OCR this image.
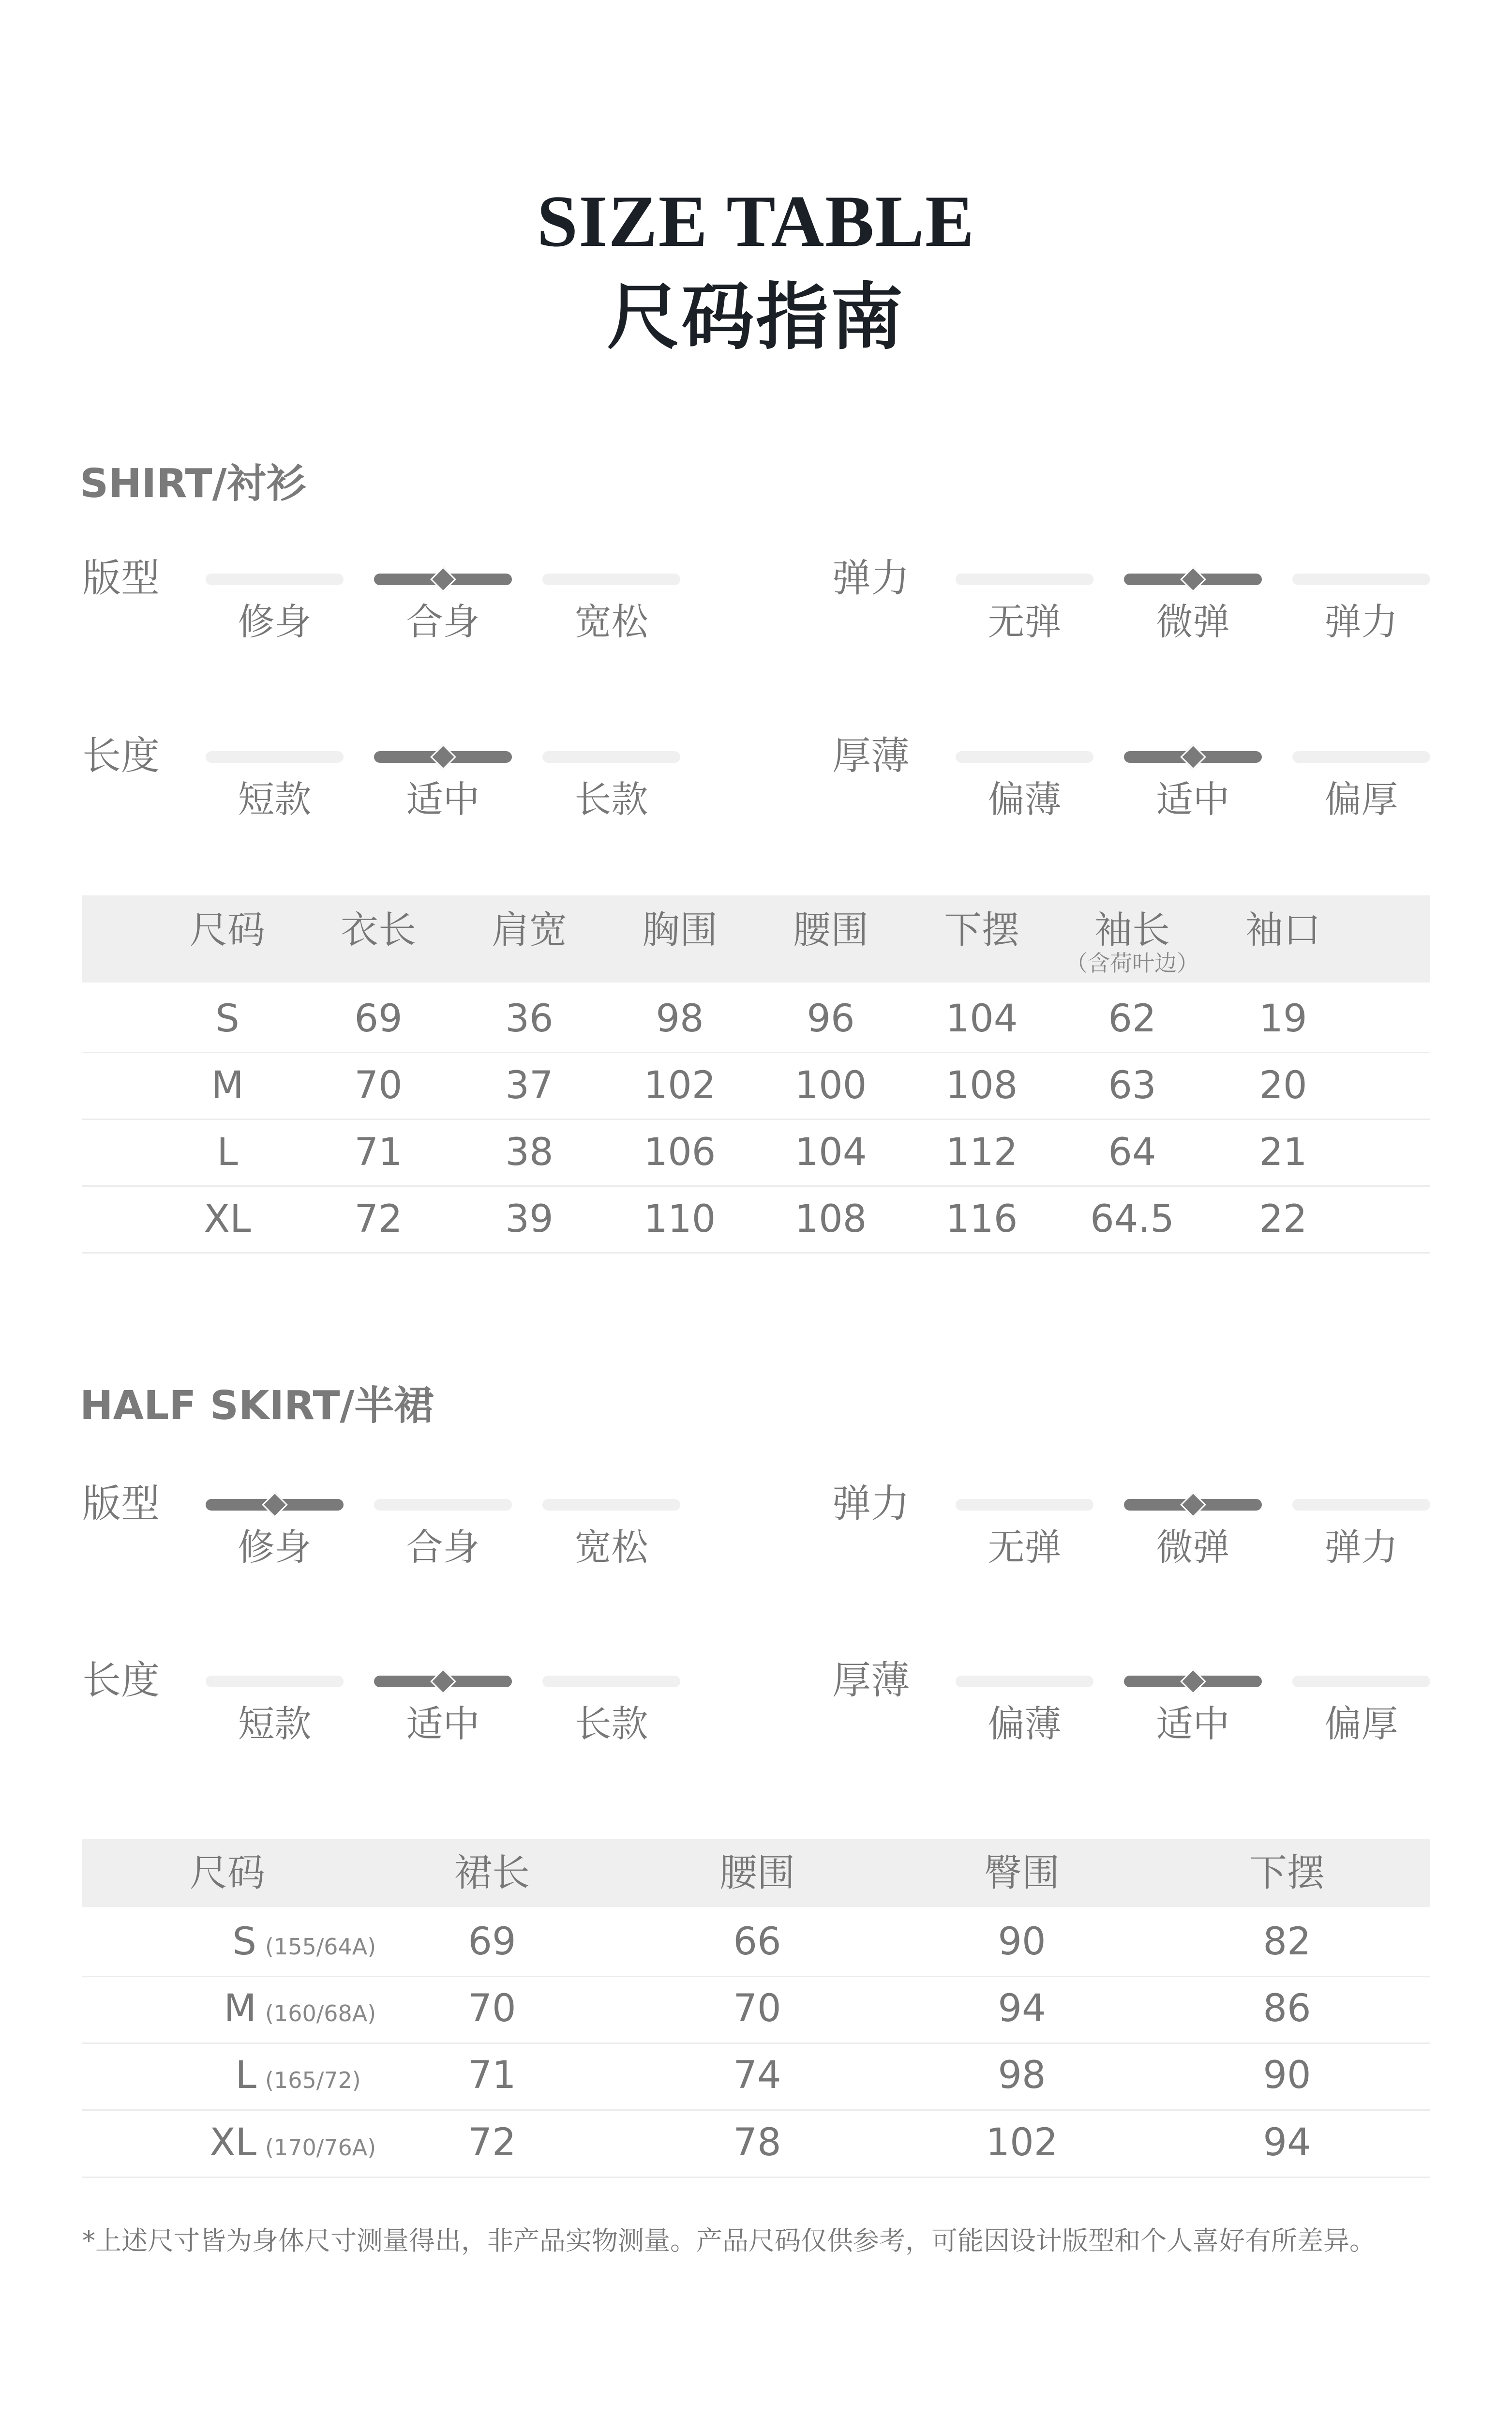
SIZE TABLE
尺码指南
SHIRT/衬衫
版型
修身	合身	宽松
弹力
无弹	微弹	弹力
长度
短款	适中	长款
厚薄
偏薄	适中	偏厚
尺码	衣长	肩宽	胸围	腰围	下摆	袖长	袖口
（含荷叶边）
S	69	36	98	96	104	62	19
M	70	37	102	100	108	63	20
L	71	38	106	104	112	64	21
XL	72	39	110	108	116	64.5	22
HALF SKIRT/半裙
版型
修身	合身	宽松
弹力
无弹	微弹	弹力
长度
短款	适中	长款
厚薄
偏薄	适中	偏厚
尺码	裙长	腰围	臀围	下摆
S (155/64A)	69	66	90	82
M (160/68A)	70	70	94	86
L (165/72)	71	74	98	90
XL (170/76A)	72	78	102	94
*上述尺寸皆为身体尺寸测量得出，非产品实物测量。产品尺码仅供参考，可能因设计版型和个人喜好有所差异。
